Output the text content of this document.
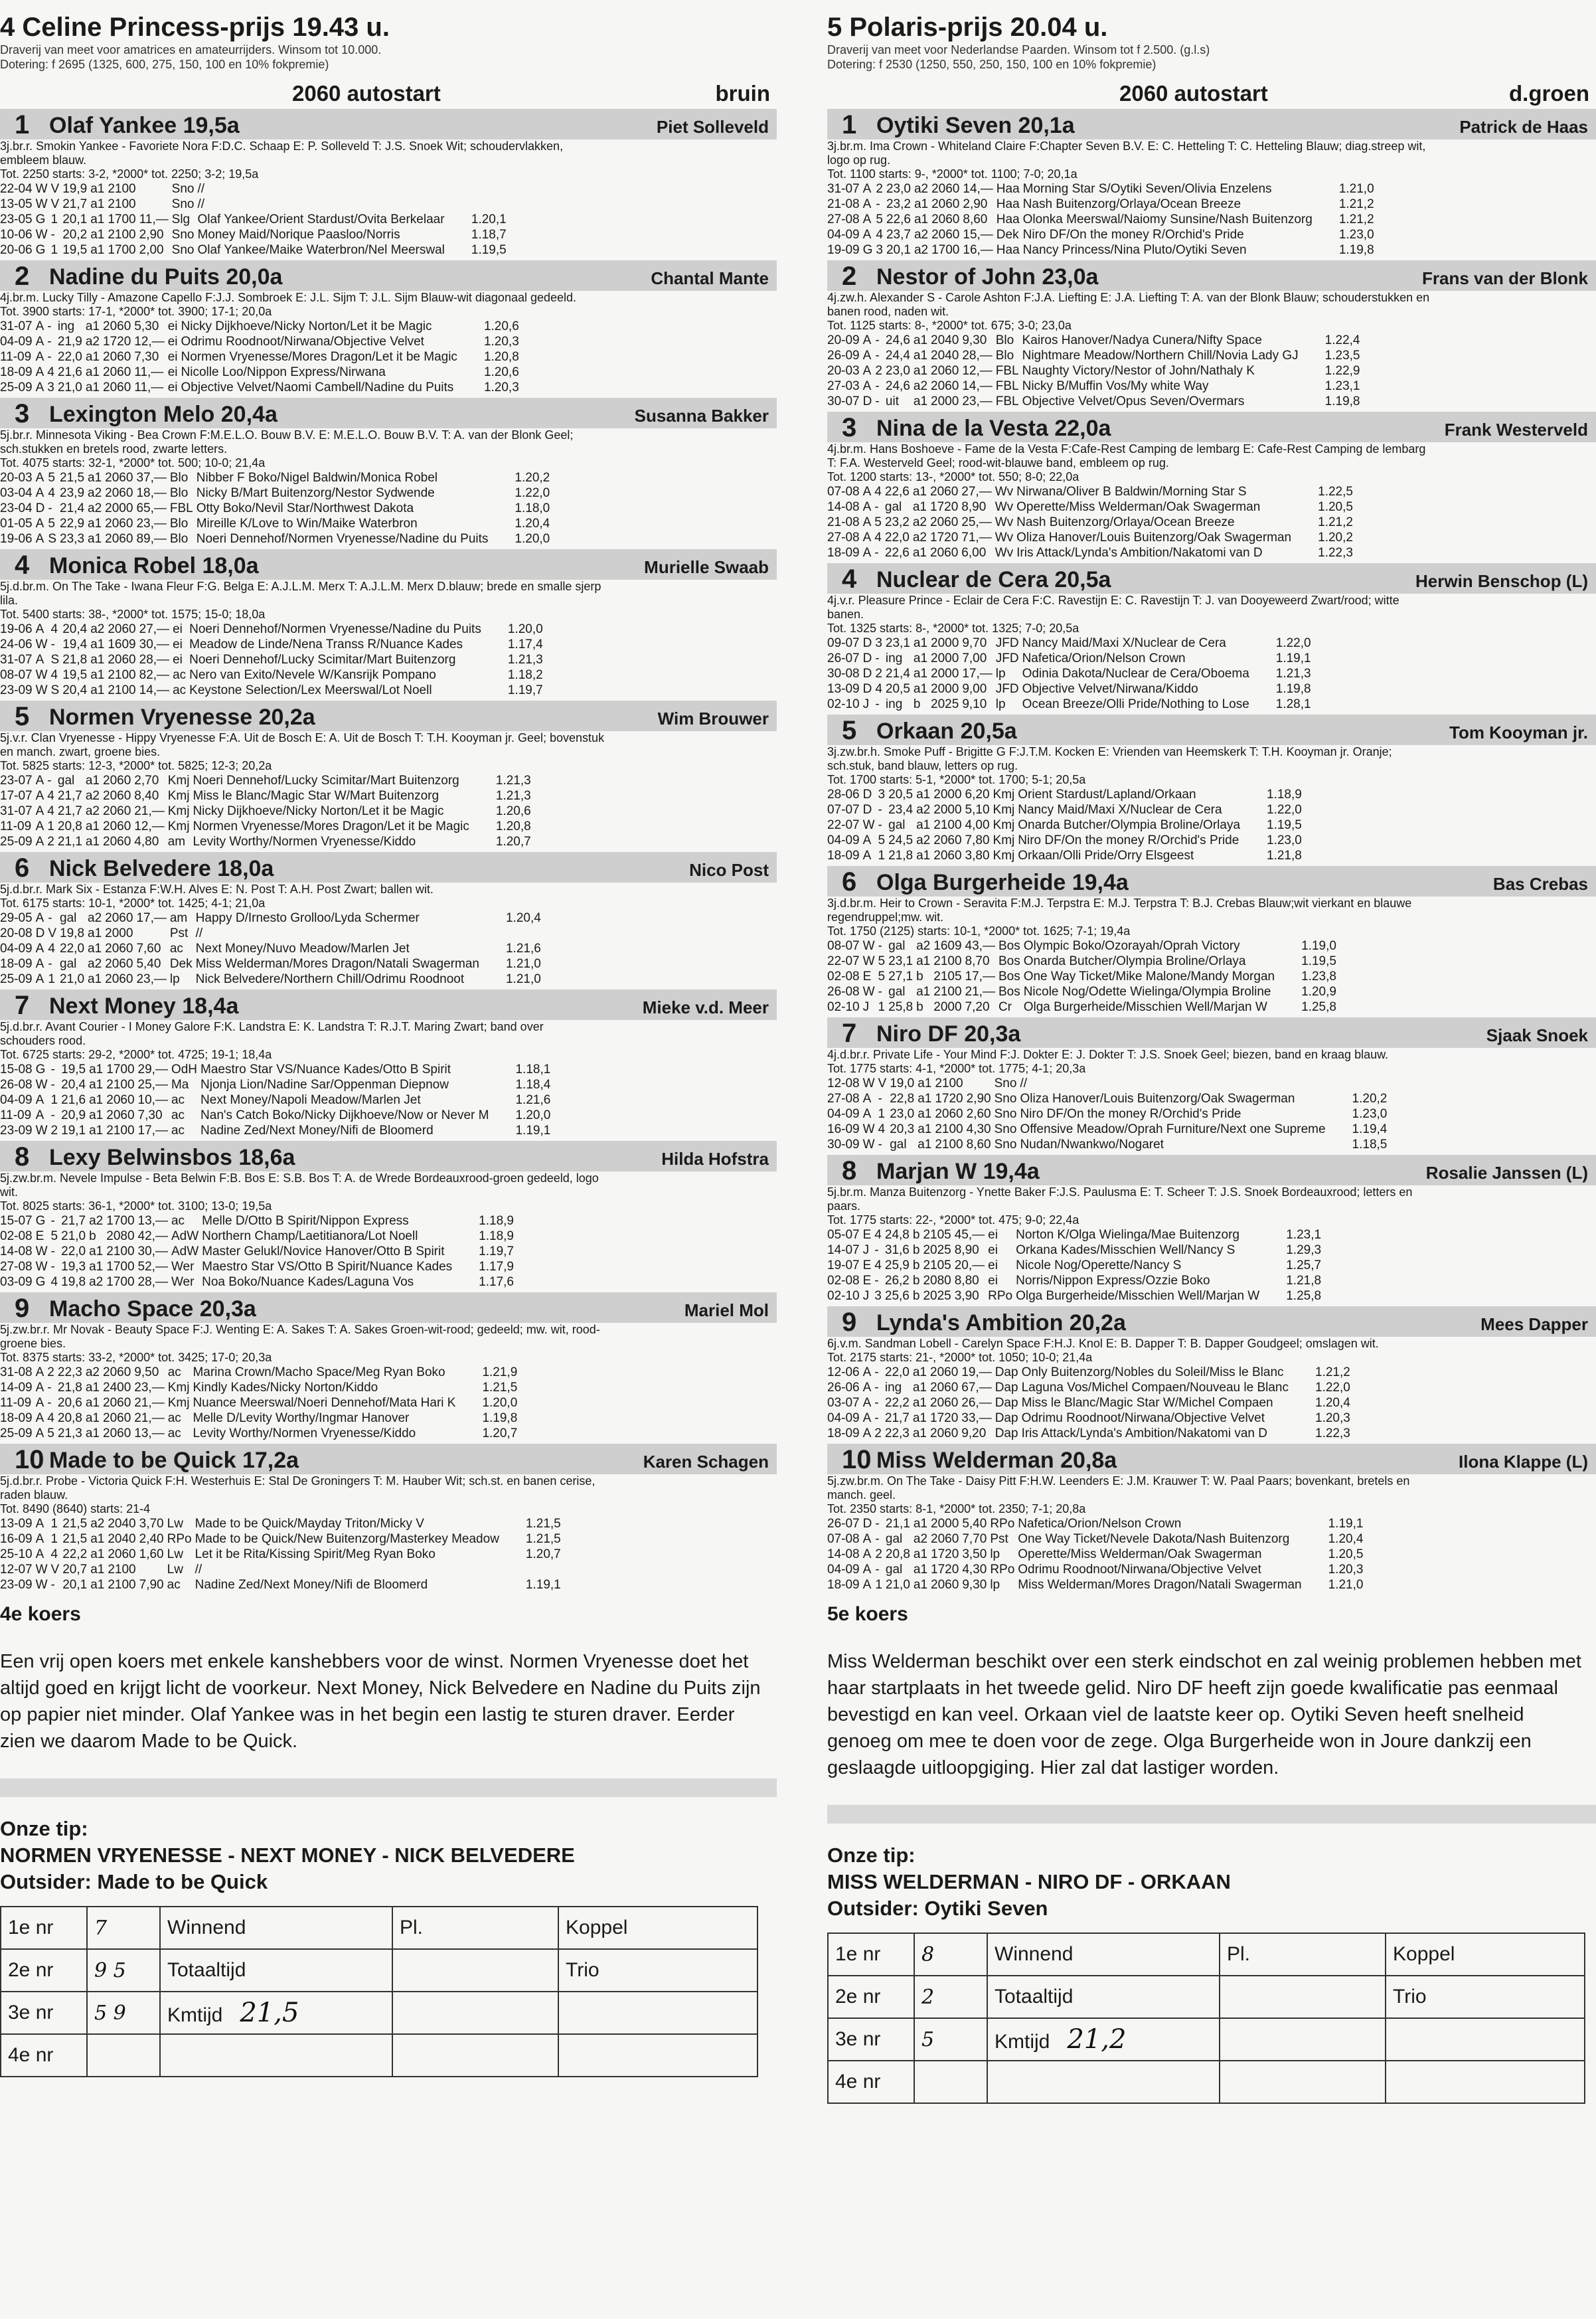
4 Celine Princess-prijs 19.43 u.
Draverij van meet voor amatrices en amateurrijders. Winsom tot 10.000.
Dotering: f 2695 (1325, 600, 275, 150, 100 en 10% fokpremie)
2060 autostart	bruin
1 Olaf Yankee 19,5a	Piet Solleveld
3j.br.r. Smokin Yankee - Favoriete Nora F:D.C. Schaap E: P. Solleveld T: J.S. Snoek Wit; schoudervlakken,
embleem blauw.
Tot. 2250 starts: 3-2, *2000* tot. 2250; 3-2; 19,5a
22-04	W	V	19,9	a1	2100		Sno	//		
13-05	W	V	21,7	a1	2100		Sno	//		
23-05	G	1	20,1	a1	1700	11,—	Slg	Olaf Yankee/Orient Stardust/Ovita Berkelaar		1.20,1
10-06	W	-	20,2	a1	2100	2,90	Sno	Money Maid/Norique Paasloo/Norris		1.18,7
20-06	G	1	19,5	a1	1700	2,00	Sno	Olaf Yankee/Maike Waterbron/Nel Meerswal		1.19,5
2 Nadine du Puits 20,0a	Chantal Mante
4j.br.m. Lucky Tilly - Amazone Capello F:J.J. Sombroek E: J.L. Sijm T: J.L. Sijm Blauw-wit diagonaal gedeeld.
Tot. 3900 starts: 17-1, *2000* tot. 3900; 17-1; 20,0a
31-07	A	-	ing	a1	2060	5,30	ei	Nicky Dijkhoeve/Nicky Norton/Let it be Magic		1.20,6
04-09	A	-	21,9	a2	1720	12,—	ei	Odrimu Roodnoot/Nirwana/Objective Velvet		1.20,3
11-09	A	-	22,0	a1	2060	7,30	ei	Normen Vryenesse/Mores Dragon/Let it be Magic		1.20,8
18-09	A	4	21,6	a1	2060	11,—	ei	Nicolle Loo/Nippon Express/Nirwana		1.20,6
25-09	A	3	21,0	a1	2060	11,—	ei	Objective Velvet/Naomi Cambell/Nadine du Puits		1.20,3
3 Lexington Melo 20,4a	Susanna Bakker
5j.br.r. Minnesota Viking - Bea Crown F:M.E.L.O. Bouw B.V. E: M.E.L.O. Bouw B.V. T: A. van der Blonk Geel;
sch.stukken en bretels rood, zwarte letters.
Tot. 4075 starts: 32-1, *2000* tot. 500; 10-0; 21,4a
20-03	A	5	21,5	a1	2060	37,—	Blo	Nibber F Boko/Nigel Baldwin/Monica Robel		1.20,2
03-04	A	4	23,9	a2	2060	18,—	Blo	Nicky B/Mart Buitenzorg/Nestor Sydwende		1.22,0
23-04	D	-	21,4	a2	2000	65,—	FBL	Otty Boko/Nevil Star/Northwest Dakota		1.18,0
01-05	A	5	22,9	a1	2060	23,—	Blo	Mireille K/Love to Win/Maike Waterbron		1.20,4
19-06	A	S	23,3	a1	2060	89,—	Blo	Noeri Dennehof/Normen Vryenesse/Nadine du Puits		1.20,0
4 Monica Robel 18,0a	Murielle Swaab
5j.d.br.m. On The Take - Iwana Fleur F:G. Belga E: A.J.L.M. Merx T: A.J.L.M. Merx D.blauw; brede en smalle sjerp
lila.
Tot. 5400 starts: 38-, *2000* tot. 1575; 15-0; 18,0a
19-06	A	4	20,4	a2	2060	27,—	ei	Noeri Dennehof/Normen Vryenesse/Nadine du Puits		1.20,0
24-06	W	-	19,4	a1	1609	30,—	ei	Meadow de Linde/Nena Transs R/Nuance Kades		1.17,4
31-07	A	S	21,8	a1	2060	28,—	ei	Noeri Dennehof/Lucky Scimitar/Mart Buitenzorg		1.21,3
08-07	W	4	19,5	a1	2100	82,—	ac	Nero van Exito/Nevele W/Kansrijk Pompano		1.18,2
23-09	W	S	20,4	a1	2100	14,—	ac	Keystone Selection/Lex Meerswal/Lot Noell		1.19,7
5 Normen Vryenesse 20,2a	Wim Brouwer
5j.v.r. Clan Vryenesse - Hippy Vryenesse F:A. Uit de Bosch E: A. Uit de Bosch T: T.H. Kooyman jr. Geel; bovenstuk
en manch. zwart, groene bies.
Tot. 5825 starts: 12-3, *2000* tot. 5825; 12-3; 20,2a
23-07	A	-	gal	a1	2060	2,70	Kmj	Noeri Dennehof/Lucky Scimitar/Mart Buitenzorg		1.21,3
17-07	A	4	21,7	a2	2060	8,40	Kmj	Miss le Blanc/Magic Star W/Mart Buitenzorg		1.21,3
31-07	A	4	21,7	a2	2060	21,—	Kmj	Nicky Dijkhoeve/Nicky Norton/Let it be Magic		1.20,6
11-09	A	1	20,8	a1	2060	12,—	Kmj	Normen Vryenesse/Mores Dragon/Let it be Magic		1.20,8
25-09	A	2	21,1	a1	2060	4,80	am	Levity Worthy/Normen Vryenesse/Kiddo		1.20,7
6 Nick Belvedere 18,0a	Nico Post
5j.d.br.r. Mark Six - Estanza F:W.H. Alves E: N. Post T: A.H. Post Zwart; ballen wit.
Tot. 6175 starts: 10-1, *2000* tot. 1425; 4-1; 21,0a
29-05	A	-	gal	a2	2060	17,—	am	Happy D/Irnesto Grolloo/Lyda Schermer		1.20,4
20-08	D	V	19,8	a1	2000		Pst	//		
04-09	A	4	22,0	a1	2060	7,60	ac	Next Money/Nuvo Meadow/Marlen Jet		1.21,6
18-09	A	-	gal	a2	2060	5,40	Dek	Miss Welderman/Mores Dragon/Natali Swagerman		1.21,0
25-09	A	1	21,0	a1	2060	23,—	lp	Nick Belvedere/Northern Chill/Odrimu Roodnoot		1.21,0
7 Next Money 18,4a	Mieke v.d. Meer
5j.d.br.r. Avant Courier - I Money Galore F:K. Landstra E: K. Landstra T: R.J.T. Maring Zwart; band over
schouders rood.
Tot. 6725 starts: 29-2, *2000* tot. 4725; 19-1; 18,4a
15-08	G	-	19,5	a1	1700	29,—	OdH	Maestro Star VS/Nuance Kades/Otto B Spirit		1.18,1
26-08	W	-	20,4	a1	2100	25,—	Ma	Njonja Lion/Nadine Sar/Oppenman Diepnow		1.18,4
04-09	A	1	21,6	a1	2060	10,—	ac	Next Money/Napoli Meadow/Marlen Jet		1.21,6
11-09	A	-	20,9	a1	2060	7,30	ac	Nan's Catch Boko/Nicky Dijkhoeve/Now or Never M		1.20,0
23-09	W	2	19,1	a1	2100	17,—	ac	Nadine Zed/Next Money/Nifi de Bloomerd		1.19,1
8 Lexy Belwinsbos 18,6a	Hilda Hofstra
5j.zw.br.m. Nevele Impulse - Beta Belwin F:B. Bos E: S.B. Bos T: A. de Wrede Bordeauxrood-groen gedeeld, logo
wit.
Tot. 8025 starts: 36-1, *2000* tot. 3100; 13-0; 19,5a
15-07	G	-	21,7	a2	1700	13,—	ac	Melle D/Otto B Spirit/Nippon Express		1.18,9
02-08	E	5	21,0	b	2080	42,—	AdW	Northern Champ/Laetitianora/Lot Noell		1.18,9
14-08	W	-	22,0	a1	2100	30,—	AdW	Master Gelukl/Novice Hanover/Otto B Spirit		1.19,7
27-08	W	-	19,3	a1	1700	52,—	Wer	Maestro Star VS/Otto B Spirit/Nuance Kades		1.17,9
03-09	G	4	19,8	a2	1700	28,—	Wer	Noa Boko/Nuance Kades/Laguna Vos		1.17,6
9 Macho Space 20,3a	Mariel Mol
5j.zw.br.r. Mr Novak - Beauty Space F:J. Wenting E: A. Sakes T: A. Sakes Groen-wit-rood; gedeeld; mw. wit, rood-
groene bies.
Tot. 8375 starts: 33-2, *2000* tot. 3425; 17-0; 20,3a
31-08	A	2	22,3	a2	2060	9,50	ac	Marina Crown/Macho Space/Meg Ryan Boko		1.21,9
14-09	A	-	21,8	a1	2400	23,—	Kmj	Kindly Kades/Nicky Norton/Kiddo		1.21,5
11-09	A	-	20,6	a1	2060	21,—	Kmj	Nuance Meerswal/Noeri Dennehof/Mata Hari K		1.20,0
18-09	A	4	20,8	a1	2060	21,—	ac	Melle D/Levity Worthy/Ingmar Hanover		1.19,8
25-09	A	5	21,3	a1	2060	13,—	ac	Levity Worthy/Normen Vryenesse/Kiddo		1.20,7
10 Made to be Quick 17,2a	Karen Schagen
5j.d.br.r. Probe - Victoria Quick F:H. Westerhuis E: Stal De Groningers T: M. Hauber Wit; sch.st. en banen cerise,
raden blauw.
Tot. 8490 (8640) starts: 21-4
13-09	A	1	21,5	a2	2040	3,70	Lw	Made to be Quick/Mayday Triton/Micky V		1.21,5
16-09	A	1	21,5	a1	2040	2,40	RPo	Made to be Quick/New Buitenzorg/Masterkey Meadow		1.21,5
25-10	A	4	22,2	a1	2060	1,60	Lw	Let it be Rita/Kissing Spirit/Meg Ryan Boko		1.20,7
12-07	W	V	20,7	a1	2100		Lw	//		
23-09	W	-	20,1	a1	2100	7,90	ac	Nadine Zed/Next Money/Nifi de Bloomerd		1.19,1
4e koers
Een vrij open koers met enkele kanshebbers voor de winst. Normen Vryenesse doet het altijd goed en krijgt licht de voorkeur. Next Money, Nick Belvedere en Nadine du Puits zijn op papier niet minder. Olaf Yankee was in het begin een lastig te sturen draver. Eerder zien we daarom Made to be Quick.
Onze tip:
NORMEN VRYENESSE - NEXT MONEY - NICK BELVEDERE
Outsider: Made to be Quick
1e nr	7	Winnend	Pl.	Koppel
2e nr	9 5	Totaaltijd		Trio
3e nr	5 9	Kmtijd 21,5		
4e nr				
5 Polaris-prijs 20.04 u.
Draverij van meet voor Nederlandse Paarden. Winsom tot f 2.500. (g.l.s)
Dotering: f 2530 (1250, 550, 250, 150, 100 en 10% fokpremie)
2060 autostart	d.groen
1 Oytiki Seven 20,1a	Patrick de Haas
3j.br.m. Ima Crown - Whiteland Claire F:Chapter Seven B.V. E: C. Hetteling T: C. Hetteling Blauw; diag.streep wit,
logo op rug.
Tot. 1100 starts: 9-, *2000* tot. 1100; 7-0; 20,1a
31-07	A	2	23,0	a2	2060	14,—	Haa	Morning Star S/Oytiki Seven/Olivia Enzelens		1.21,0
21-08	A	-	23,2	a1	2060	2,90	Haa	Nash Buitenzorg/Orlaya/Ocean Breeze		1.21,2
27-08	A	5	22,6	a1	2060	8,60	Haa	Olonka Meerswal/Naiomy Sunsine/Nash Buitenzorg		1.21,2
04-09	A	4	23,7	a2	2060	15,—	Dek	Niro DF/On the money R/Orchid's Pride		1.23,0
19-09	G	3	20,1	a2	1700	16,—	Haa	Nancy Princess/Nina Pluto/Oytiki Seven		1.19,8
2 Nestor of John 23,0a	Frans van der Blonk
4j.zw.h. Alexander S - Carole Ashton F:J.A. Liefting E: J.A. Liefting T: A. van der Blonk Blauw; schouderstukken en
banen rood, naden wit.
Tot. 1125 starts: 8-, *2000* tot. 675; 3-0; 23,0a
20-09	A	-	24,6	a1	2040	9,30	Blo	Kairos Hanover/Nadya Cunera/Nifty Space		1.22,4
26-09	A	-	24,4	a1	2040	28,—	Blo	Nightmare Meadow/Northern Chill/Novia Lady GJ		1.23,5
20-03	A	2	23,0	a1	2060	12,—	FBL	Naughty Victory/Nestor of John/Nathaly K		1.22,9
27-03	A	-	24,6	a2	2060	14,—	FBL	Nicky B/Muffin Vos/My white Way		1.23,1
30-07	D	-	uit	a1	2000	23,—	FBL	Objective Velvet/Opus Seven/Overmars		1.19,8
3 Nina de la Vesta 22,0a	Frank Westerveld
4j.br.m. Hans Boshoeve - Fame de la Vesta F:Cafe-Rest Camping de lembarg E: Cafe-Rest Camping de lembarg
T: F.A. Westerveld Geel; rood-wit-blauwe band, embleem op rug.
Tot. 1200 starts: 13-, *2000* tot. 550; 8-0; 22,0a
07-08	A	4	22,6	a1	2060	27,—	Wv	Nirwana/Oliver B Baldwin/Morning Star S		1.22,5
14-08	A	-	gal	a1	1720	8,90	Wv	Operette/Miss Welderman/Oak Swagerman		1.20,5
21-08	A	5	23,2	a2	2060	25,—	Wv	Nash Buitenzorg/Orlaya/Ocean Breeze		1.21,2
27-08	A	4	22,0	a2	1720	71,—	Wv	Oliza Hanover/Louis Buitenzorg/Oak Swagerman		1.20,2
18-09	A	-	22,6	a1	2060	6,00	Wv	Iris Attack/Lynda's Ambition/Nakatomi van D		1.22,3
4 Nuclear de Cera 20,5a	Herwin Benschop (L)
4j.v.r. Pleasure Prince - Eclair de Cera F:C. Ravestijn E: C. Ravestijn T: J. van Dooyeweerd Zwart/rood; witte
banen.
Tot. 1325 starts: 8-, *2000* tot. 1325; 7-0; 20,5a
09-07	D	3	23,1	a1	2000	9,70	JFD	Nancy Maid/Maxi X/Nuclear de Cera		1.22,0
26-07	D	-	ing	a1	2000	7,00	JFD	Nafetica/Orion/Nelson Crown		1.19,1
30-08	D	2	21,4	a1	2000	17,—	lp	Odinia Dakota/Nuclear de Cera/Oboema		1.21,3
13-09	D	4	20,5	a1	2000	9,00	JFD	Objective Velvet/Nirwana/Kiddo		1.19,8
02-10	J	-	ing	b	2025	9,10	lp	Ocean Breeze/Olli Pride/Nothing to Lose		1.28,1
5 Orkaan 20,5a	Tom Kooyman jr.
3j.zw.br.h. Smoke Puff - Brigitte G F:J.T.M. Kocken E: Vrienden van Heemskerk T: T.H. Kooyman jr. Oranje;
sch.stuk, band blauw, letters op rug.
Tot. 1700 starts: 5-1, *2000* tot. 1700; 5-1; 20,5a
28-06	D	3	20,5	a1	2000	6,20	Kmj	Orient Stardust/Lapland/Orkaan		1.18,9
07-07	D	-	23,4	a2	2000	5,10	Kmj	Nancy Maid/Maxi X/Nuclear de Cera		1.22,0
22-07	W	-	gal	a1	2100	4,00	Kmj	Onarda Butcher/Olympia Broline/Orlaya		1.19,5
04-09	A	5	24,5	a2	2060	7,80	Kmj	Niro DF/On the money R/Orchid's Pride		1.23,0
18-09	A	1	21,8	a1	2060	3,80	Kmj	Orkaan/Olli Pride/Orry Elsgeest		1.21,8
6 Olga Burgerheide 19,4a	Bas Crebas
3j.d.br.m. Heir to Crown - Seravita F:M.J. Terpstra E: M.J. Terpstra T: B.J. Crebas Blauw;wit vierkant en blauwe
regendruppel;mw. wit.
Tot. 1750 (2125) starts: 10-1, *2000* tot. 1625; 7-1; 19,4a
08-07	W	-	gal	a2	1609	43,—	Bos	Olympic Boko/Ozorayah/Oprah Victory		1.19,0
22-07	W	5	23,1	a1	2100	8,70	Bos	Onarda Butcher/Olympia Broline/Orlaya		1.19,5
02-08	E	5	27,1	b	2105	17,—	Bos	One Way Ticket/Mike Malone/Mandy Morgan		1.23,8
26-08	W	-	gal	a1	2100	21,—	Bos	Nicole Nog/Odette Wielinga/Olympia Broline		1.20,9
02-10	J	1	25,8	b	2000	7,20	Cr	Olga Burgerheide/Misschien Well/Marjan W		1.25,8
7 Niro DF 20,3a	Sjaak Snoek
4j.d.br.r. Private Life - Your Mind F:J. Dokter E: J. Dokter T: J.S. Snoek Geel; biezen, band en kraag blauw.
Tot. 1775 starts: 4-1, *2000* tot. 1775; 4-1; 20,3a
12-08	W	V	19,0	a1	2100		Sno	//		
27-08	A	-	22,8	a1	1720	2,90	Sno	Oliza Hanover/Louis Buitenzorg/Oak Swagerman		1.20,2
04-09	A	1	23,0	a1	2060	2,60	Sno	Niro DF/On the money R/Orchid's Pride		1.23,0
16-09	W	4	20,3	a1	2100	4,30	Sno	Offensive Meadow/Oprah Furniture/Next one Supreme		1.19,4
30-09	W	-	gal	a1	2100	8,60	Sno	Nudan/Nwankwo/Nogaret		1.18,5
8 Marjan W 19,4a	Rosalie Janssen (L)
5j.br.m. Manza Buitenzorg - Ynette Baker F:J.S. Paulusma E: T. Scheer T: J.S. Snoek Bordeauxrood; letters en
paars.
Tot. 1775 starts: 22-, *2000* tot. 475; 9-0; 22,4a
05-07	E	4	24,8	b	2105	45,—	ei	Norton K/Olga Wielinga/Mae Buitenzorg		1.23,1
14-07	J	-	31,6	b	2025	8,90	ei	Orkana Kades/Misschien Well/Nancy S		1.29,3
19-07	E	4	25,9	b	2105	20,—	ei	Nicole Nog/Operette/Nancy S		1.25,7
02-08	E	-	26,2	b	2080	8,80	ei	Norris/Nippon Express/Ozzie Boko		1.21,8
02-10	J	3	25,6	b	2025	3,90	RPo	Olga Burgerheide/Misschien Well/Marjan W		1.25,8
9 Lynda's Ambition 20,2a	Mees Dapper
6j.v.m. Sandman Lobell - Carelyn Space F:H.J. Knol E: B. Dapper T: B. Dapper Goudgeel; omslagen wit.
Tot. 2175 starts: 21-, *2000* tot. 1050; 10-0; 21,4a
12-06	A	-	22,0	a1	2060	19,—	Dap	Only Buitenzorg/Nobles du Soleil/Miss le Blanc		1.21,2
26-06	A	-	ing	a1	2060	67,—	Dap	Laguna Vos/Michel Compaen/Nouveau le Blanc		1.22,0
03-07	A	-	22,2	a1	2060	26,—	Dap	Miss le Blanc/Magic Star W/Michel Compaen		1.20,4
04-09	A	-	21,7	a1	1720	33,—	Dap	Odrimu Roodnoot/Nirwana/Objective Velvet		1.20,3
18-09	A	2	22,3	a1	2060	9,20	Dap	Iris Attack/Lynda's Ambition/Nakatomi van D		1.22,3
10 Miss Welderman 20,8a	Ilona Klappe (L)
5j.zw.br.m. On The Take - Daisy Pitt F:H.W. Leenders E: J.M. Krauwer T: W. Paal Paars; bovenkant, bretels en
manch. geel.
Tot. 2350 starts: 8-1, *2000* tot. 2350; 7-1; 20,8a
26-07	D	-	21,1	a1	2000	5,40	RPo	Nafetica/Orion/Nelson Crown		1.19,1
07-08	A	-	gal	a2	2060	7,70	Pst	One Way Ticket/Nevele Dakota/Nash Buitenzorg		1.20,4
14-08	A	2	20,8	a1	1720	3,50	lp	Operette/Miss Welderman/Oak Swagerman		1.20,5
04-09	A	-	gal	a1	1720	4,30	RPo	Odrimu Roodnoot/Nirwana/Objective Velvet		1.20,3
18-09	A	1	21,0	a1	2060	9,30	lp	Miss Welderman/Mores Dragon/Natali Swagerman		1.21,0
5e koers
Miss Welderman beschikt over een sterk eindschot en zal weinig problemen hebben met haar startplaats in het tweede gelid. Niro DF heeft zijn goede kwalificatie pas eenmaal bevestigd en kan veel. Orkaan viel de laatste keer op. Oytiki Seven heeft snelheid genoeg om mee te doen voor de zege. Olga Burgerheide won in Joure dankzij een geslaagde uitloopgiging. Hier zal dat lastiger worden.
Onze tip:
MISS WELDERMAN - NIRO DF - ORKAAN
Outsider: Oytiki Seven
1e nr	8	Winnend	Pl.	Koppel
2e nr	2	Totaaltijd		Trio
3e nr	5	Kmtijd 21,2		
4e nr				
